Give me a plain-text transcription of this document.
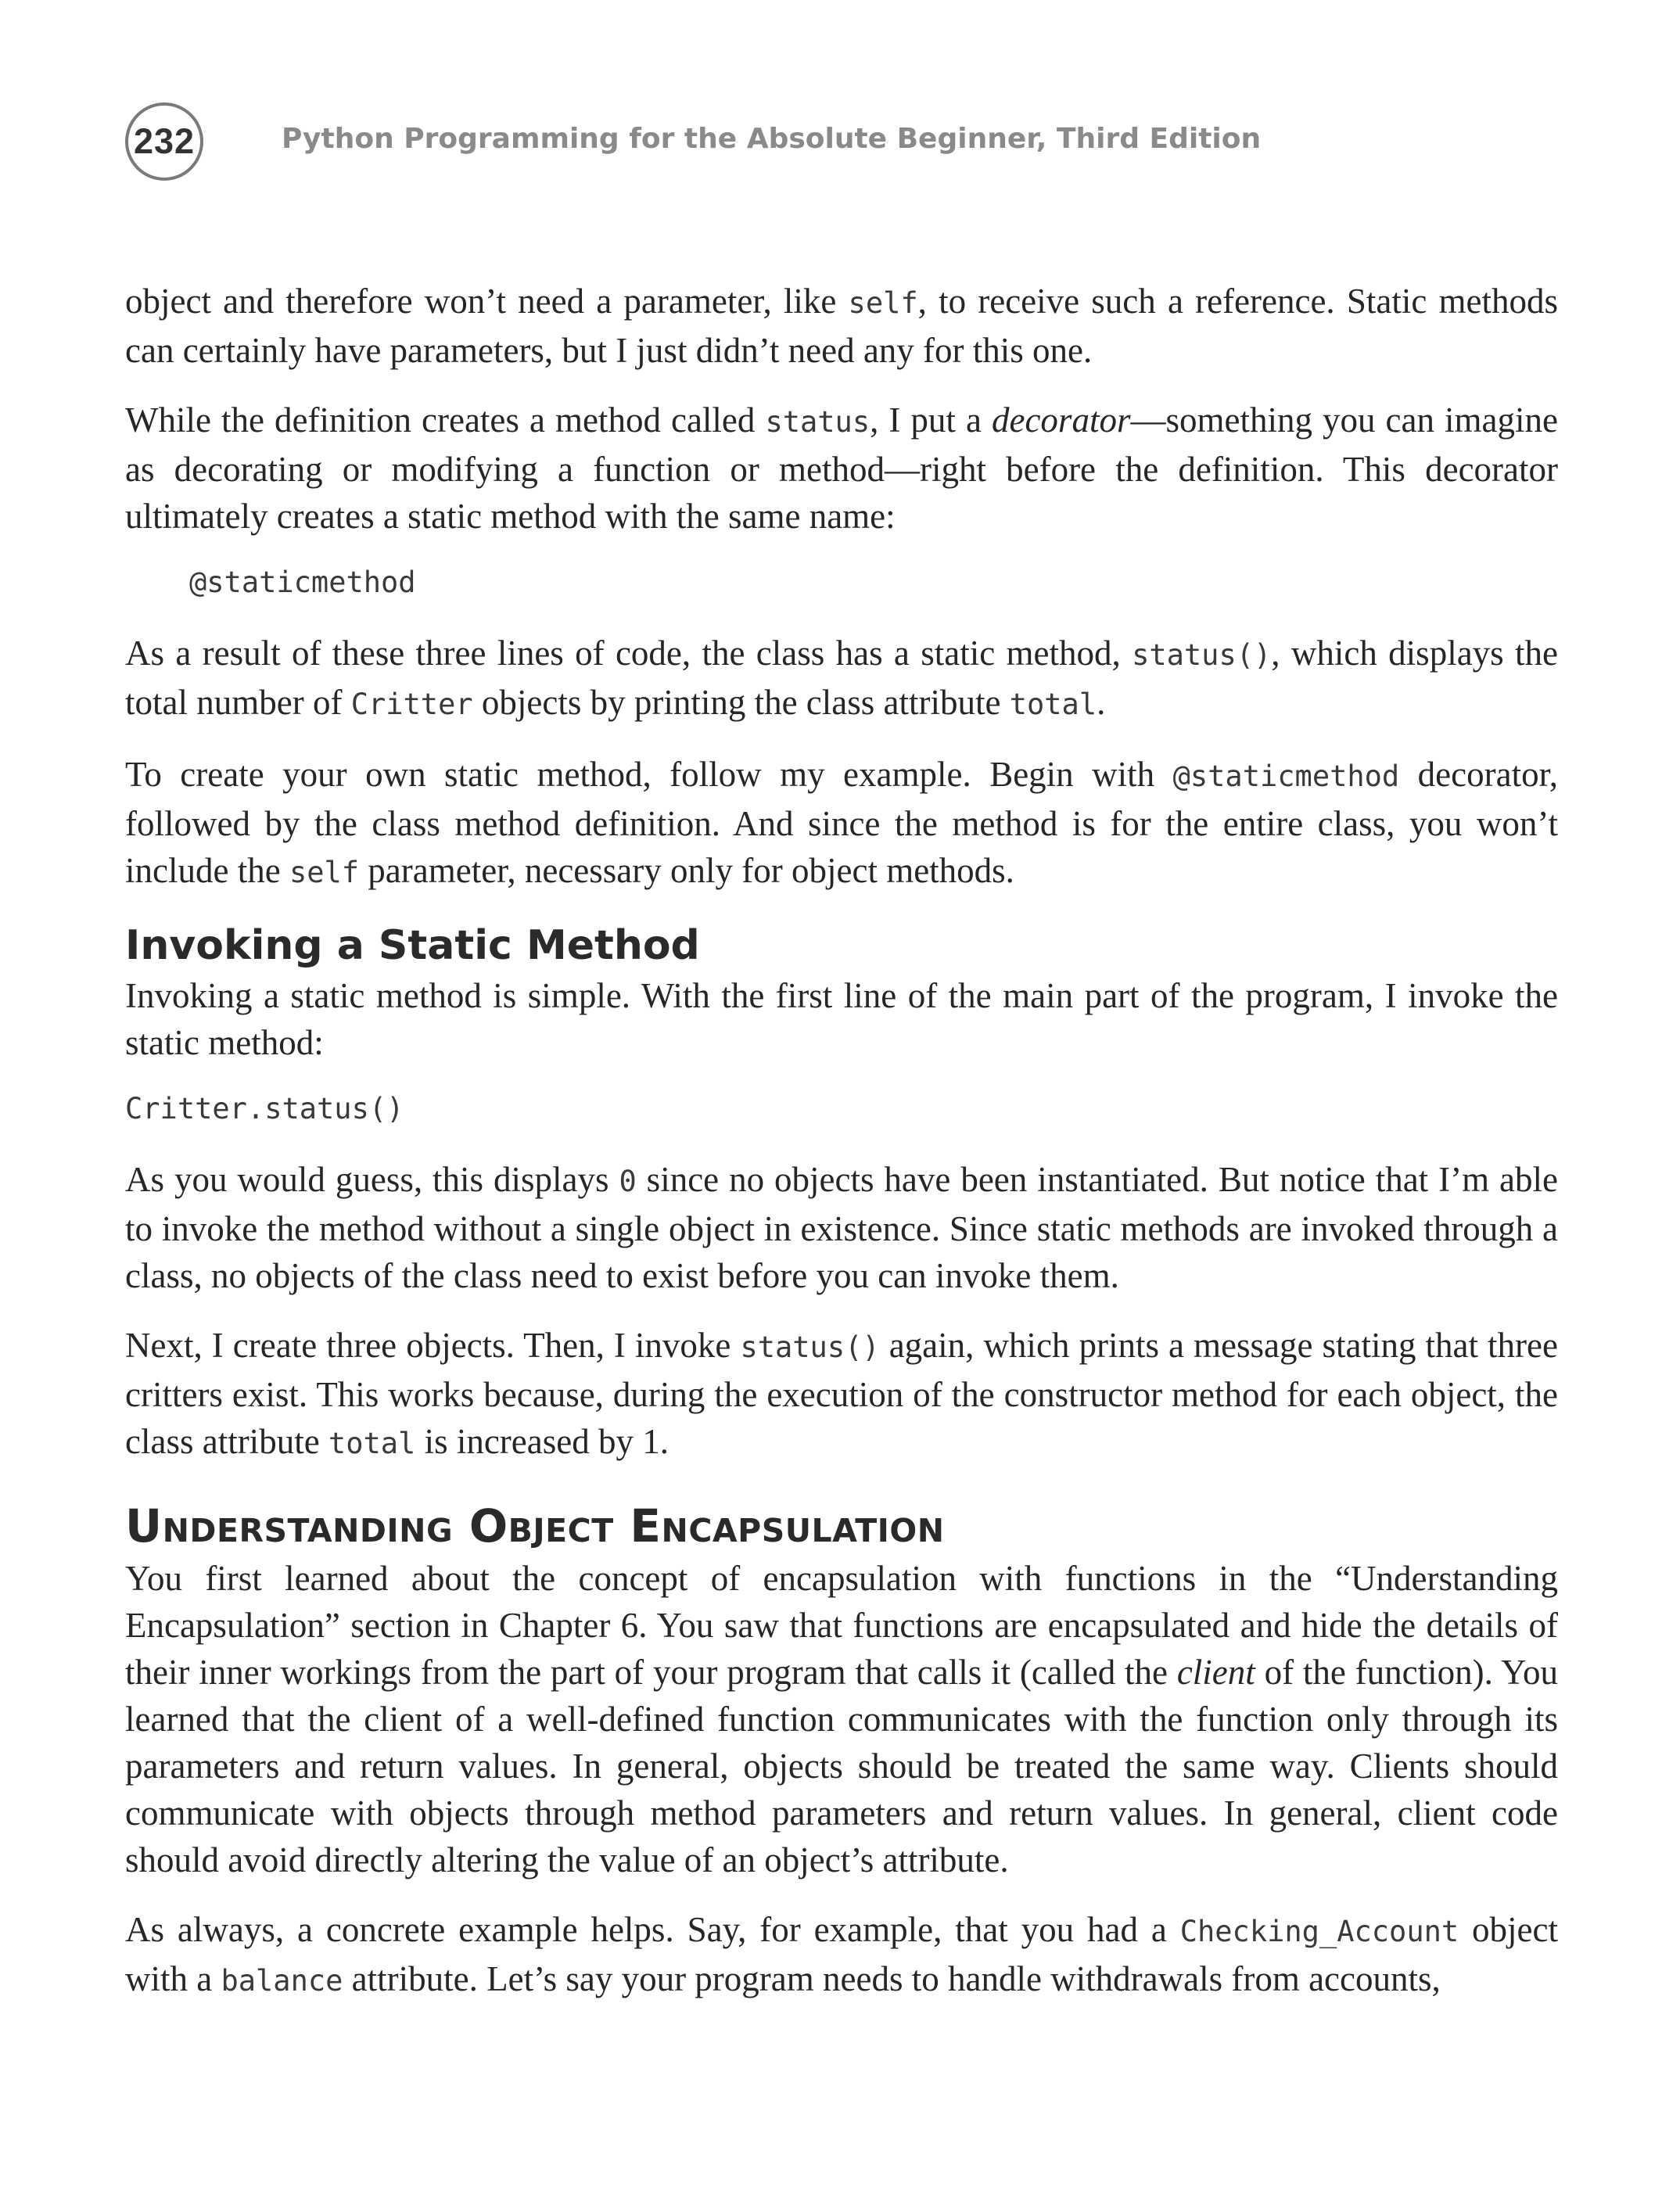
232	Python Programming for the Absolute Beginner, Third Edition

object and therefore won’t need a parameter, like self, to receive such a reference. Static methods can certainly have parameters, but I just didn’t need any for this one.

While the definition creates a method called status, I put a decorator—something you can imagine as decorating or modifying a function or method—right before the definition. This decorator ultimately creates a static method with the same name:

@staticmethod

As a result of these three lines of code, the class has a static method, status(), which displays the total number of Critter objects by printing the class attribute total.

To create your own static method, follow my example. Begin with @staticmethod decorator, followed by the class method definition. And since the method is for the entire class, you won’t include the self parameter, necessary only for object methods.

Invoking a Static Method

Invoking a static method is simple. With the first line of the main part of the program, I invoke the static method:

Critter.status()

As you would guess, this displays 0 since no objects have been instantiated. But notice that I’m able to invoke the method without a single object in existence. Since static methods are invoked through a class, no objects of the class need to exist before you can invoke them.

Next, I create three objects. Then, I invoke status() again, which prints a message stating that three critters exist. This works because, during the execution of the constructor method for each object, the class attribute total is increased by 1.

Understanding Object Encapsulation

You first learned about the concept of encapsulation with functions in the “Understanding Encapsulation” section in Chapter 6. You saw that functions are encapsulated and hide the details of their inner workings from the part of your program that calls it (called the client of the function). You learned that the client of a well-defined function communicates with the function only through its parameters and return values. In general, objects should be treated the same way. Clients should communicate with objects through method parameters and return values. In general, client code should avoid directly altering the value of an object’s attribute.

As always, a concrete example helps. Say, for example, that you had a Checking_Account object with a balance attribute. Let’s say your program needs to handle withdrawals from accounts,
